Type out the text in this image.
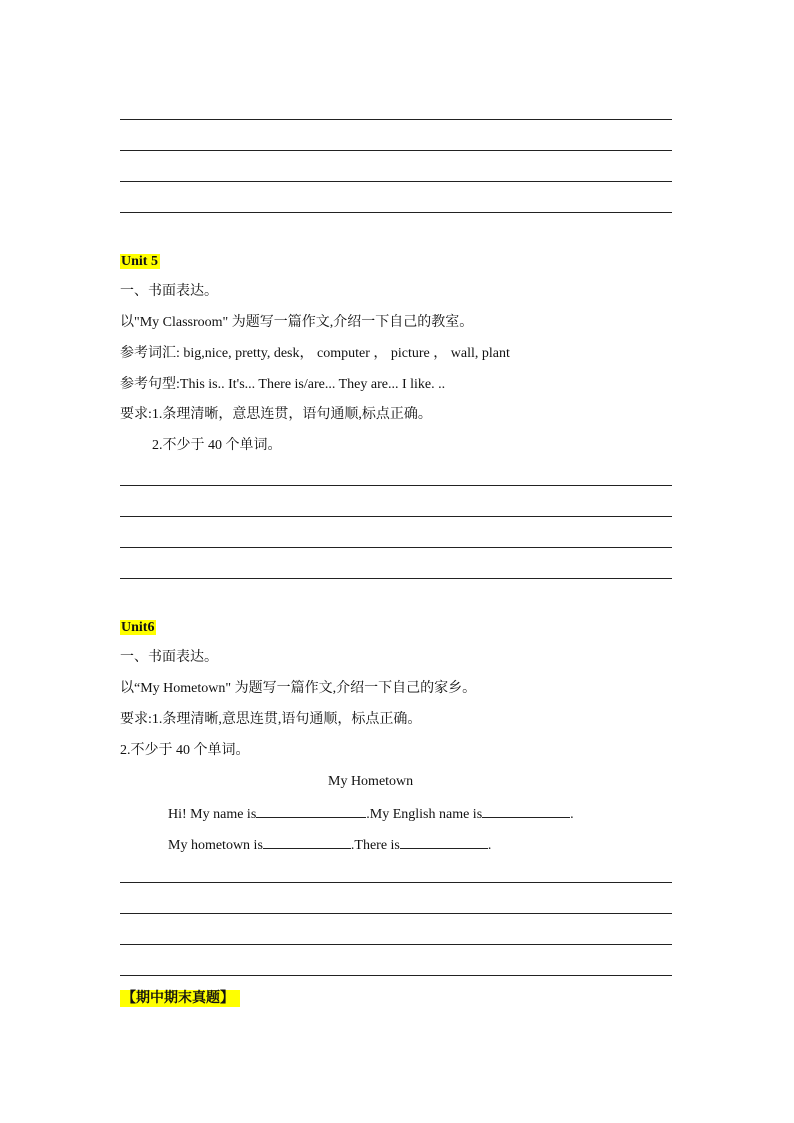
Unit 5
一、书面表达。
以"My Classroom" 为题写一篇作文,介绍一下自己的教室。
参考词汇: big,nice, pretty, desk， computer ， picture ， wall, plant
参考句型:This is.. It's... There is/are... They are... I like. ..
要求:1.条理清晰，意思连贯，语句通顺,标点正确。
2.不少于 40 个单词。
Unit6
一、书面表达。
以“My Hometown" 为题写一篇作文,介绍一下自己的家乡。
要求:1.条理清晰,意思连贯,语句通顺，标点正确。
2.不少于 40 个单词。
My Hometown
Hi! My name is	.My English name is	.
My hometown is	.There is	.
【期中期末真题】
